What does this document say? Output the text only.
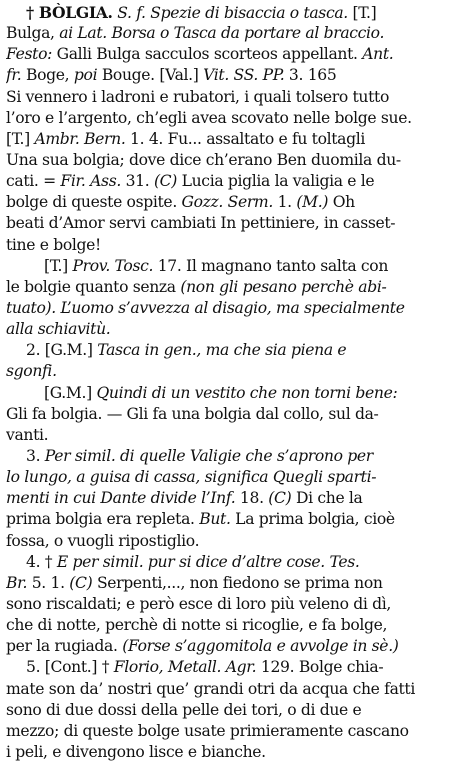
† BÒLGIA. S. f. Spezie di bisaccia o tasca. [T.]
Bulga, ai Lat. Borsa o Tasca da portare al braccio.
Festo: Galli Bulga sacculos scorteos appellant. Ant.
fr. Boge, poi Bouge. [Val.] Vit. SS. PP. 3. 165
Si vennero i ladroni e rubatori, i quali tolsero tutto
l’oro e l’argento, ch’egli avea scovato nelle bolge sue.
[T.] Ambr. Bern. 1. 4. Fu... assaltato e fu toltagli
Una sua bolgia; dove dice ch’erano Ben duomila du-
cati. = Fir. Ass. 31. (C) Lucia piglia la valigia e le
bolge di queste ospite. Gozz. Serm. 1. (M.) Oh
beati d’Amor servi cambiati In pettiniere, in casset-
tine e bolge!
[T.] Prov. Tosc. 17. Il magnano tanto salta con
le bolgie quanto senza (non gli pesano perchè abi-
tuato). L’uomo s’avvezza al disagio, ma specialmente
alla schiavitù.
2. [G.M.] Tasca in gen., ma che sia piena e
sgonfi.
[G.M.] Quindi di un vestito che non torni bene:
Gli fa bolgia. — Gli fa una bolgia dal collo, sul da-
vanti.
3. Per simil. di quelle Valigie che s’aprono per
lo lungo, a guisa di cassa, significa Quegli sparti-
menti in cui Dante divide l’Inf. 18. (C) Di che la
prima bolgia era repleta. But. La prima bolgia, cioè
fossa, o vuogli ripostiglio.
4. † E per simil. pur si dice d’altre cose. Tes.
Br. 5. 1. (C) Serpenti,..., non fiedono se prima non
sono riscaldati; e però esce di loro più veleno di dì,
che di notte, perchè di notte si ricoglie, e fa bolge,
per la rugiada. (Forse s’aggomitola e avvolge in sè.)
5. [Cont.] † Florio, Metall. Agr. 129. Bolge chia-
mate son da’ nostri que’ grandi otri da acqua che fatti
sono di due dossi della pelle dei tori, o di due e
mezzo; di queste bolge usate primieramente cascano
i peli, e divengono lisce e bianche.
